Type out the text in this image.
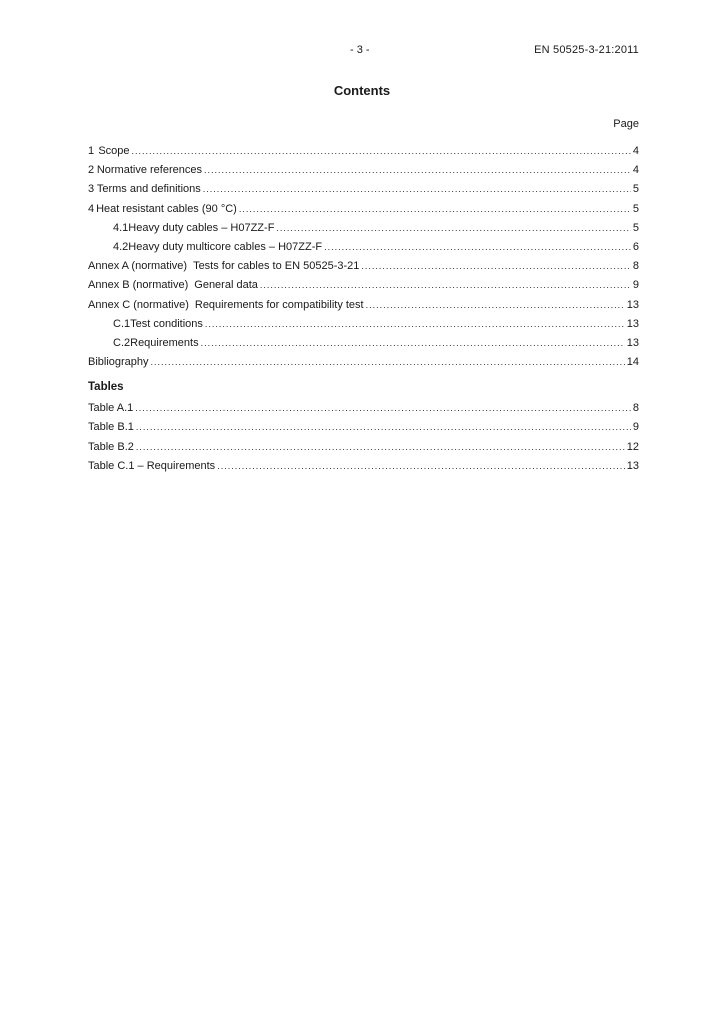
- 3 -	EN 50525-3-21:2011
Contents
Page
1 Scope .....	4
2 Normative references .....	4
3 Terms and definitions .....	5
4 Heat resistant cables (90 °C) .....	5
4.1 Heavy duty cables – H07ZZ-F .....	5
4.2 Heavy duty multicore cables – H07ZZ-F .....	6
Annex A (normative) Tests for cables to EN 50525-3-21 .....	8
Annex B (normative) General data .....	9
Annex C (normative) Requirements for compatibility test .....	13
C.1 Test conditions .....	13
C.2 Requirements .....	13
Bibliography .....	14
Tables
Table A.1 .....	8
Table B.1 .....	9
Table B.2 .....	12
Table C.1 – Requirements .....	13
